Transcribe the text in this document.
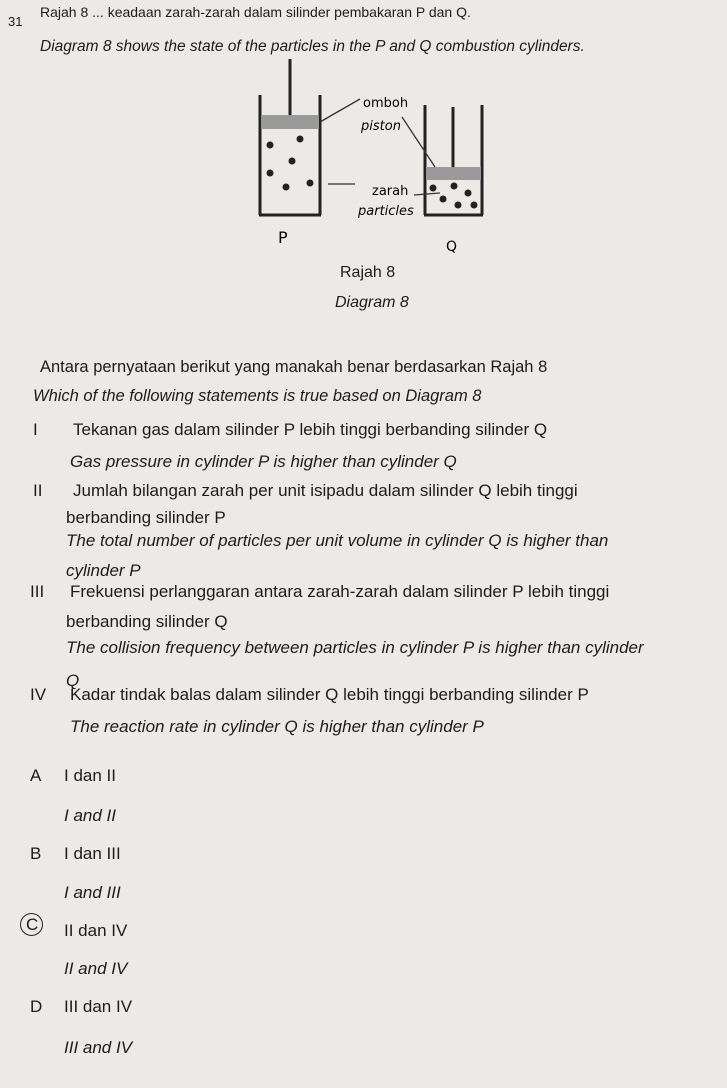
31
Rajah 8 ... keadaan zarah-zarah dalam silinder pembakaran P dan Q.
Diagram 8 shows the state of the particles in the P and Q combustion cylinders.
omboh
piston
zarah
particles
P	Q
Rajah 8
Diagram 8
Antara pernyataan berikut yang manakah benar berdasarkan Rajah 8
Which of the following statements is true based on Diagram 8
I Tekanan gas dalam silinder P lebih tinggi berbanding silinder Q
Gas pressure in cylinder P is higher than cylinder Q
II Jumlah bilangan zarah per unit isipadu dalam silinder Q lebih tinggi
berbanding silinder P
The total number of particles per unit volume in cylinder Q is higher than
cylinder P
III Frekuensi perlanggaran antara zarah-zarah dalam silinder P lebih tinggi
berbanding silinder Q
The collision frequency between particles in cylinder P is higher than cylinder
Q
IV Kadar tindak balas dalam silinder Q lebih tinggi berbanding silinder P
The reaction rate in cylinder Q is higher than cylinder P
A I dan II
I and II
B I dan III
I and III
C II dan IV
II and IV
D III dan IV
III and IV
